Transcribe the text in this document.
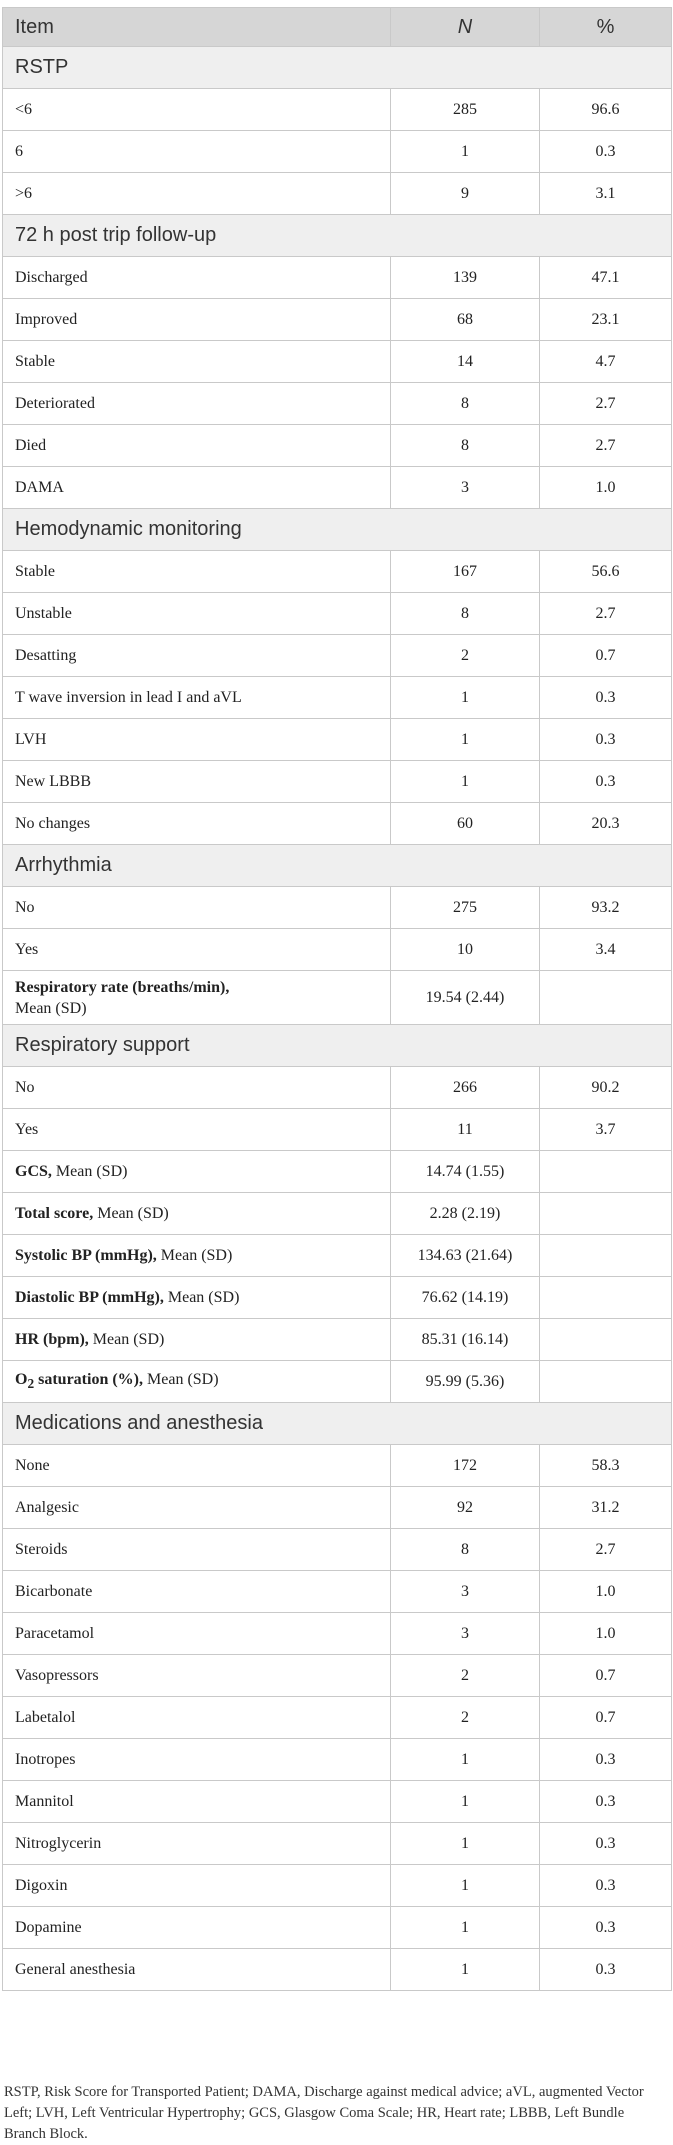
Item	N	%
RSTP		
<6	285	96.6
6	1	0.3
>6	9	3.1
72 h post trip follow-up		
Discharged	139	47.1
Improved	68	23.1
Stable	14	4.7
Deteriorated	8	2.7
Died	8	2.7
DAMA	3	1.0
Hemodynamic monitoring		
Stable	167	56.6
Unstable	8	2.7
Desatting	2	0.7
T wave inversion in lead I and aVL	1	0.3
LVH	1	0.3
New LBBB	1	0.3
No changes	60	20.3
Arrhythmia		
No	275	93.2
Yes	10	3.4
Respiratory rate (breaths/min),
Mean (SD)	19.54 (2.44)	
Respiratory support		
No	266	90.2
Yes	11	3.7
GCS, Mean (SD)	14.74 (1.55)	
Total score, Mean (SD)	2.28 (2.19)	
Systolic BP (mmHg), Mean (SD)	134.63 (21.64)	
Diastolic BP (mmHg), Mean (SD)	76.62 (14.19)	
HR (bpm), Mean (SD)	85.31 (16.14)	
$O_2$ saturation (%), Mean (SD)	95.99 (5.36)	
Medications and anesthesia		
None	172	58.3
Analgesic	92	31.2
Steroids	8	2.7
Bicarbonate	3	1.0
Paracetamol	3	1.0
Vasopressors	2	0.7
Labetalol	2	0.7
Inotropes	1	0.3
Mannitol	1	0.3
Nitroglycerin	1	0.3
Digoxin	1	0.3
Dopamine	1	0.3
General anesthesia	1	0.3
RSTP, Risk Score for Transported Patient; DAMA, Discharge against medical advice; aVL, augmented Vector Left; LVH, Left Ventricular Hypertrophy; GCS, Glasgow Coma Scale; HR, Heart rate; LBBB, Left Bundle Branch Block.
